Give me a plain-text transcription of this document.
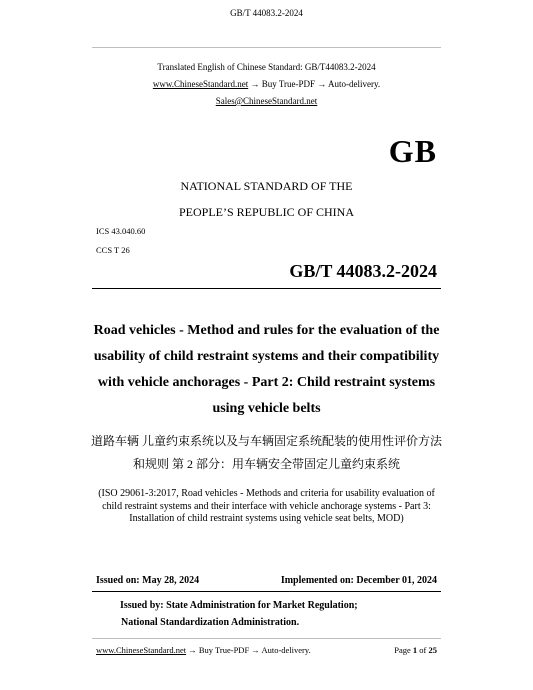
GB/T 44083.2-2024
Translated English of Chinese Standard: GB/T44083.2-2024
www.ChineseStandard.net → Buy True-PDF → Auto-delivery.
Sales@ChineseStandard.net
GB
NATIONAL STANDARD OF THE
PEOPLE’S REPUBLIC OF CHINA
ICS 43.040.60
CCS T 26
GB/T 44083.2-2024
Road vehicles - Method and rules for the evaluation of the
usability of child restraint systems and their compatibility
with vehicle anchorages - Part 2: Child restraint systems
using vehicle belts
道路车辆 儿童约束系统以及与车辆固定系统配装的使用性评价方法
和规则 第 2 部分：用车辆安全带固定儿童约束系统
(ISO 29061-3:2017, Road vehicles - Methods and criteria for usability evaluation of
child restraint systems and their interface with vehicle anchorage systems - Part 3:
Installation of child restraint systems using vehicle seat belts, MOD)
Issued on: May 28, 2024	Implemented on: December 01, 2024
Issued by: State Administration for Market Regulation;
National Standardization Administration.
www.ChineseStandard.net → Buy True-PDF → Auto-delivery.	Page 1 of 25
